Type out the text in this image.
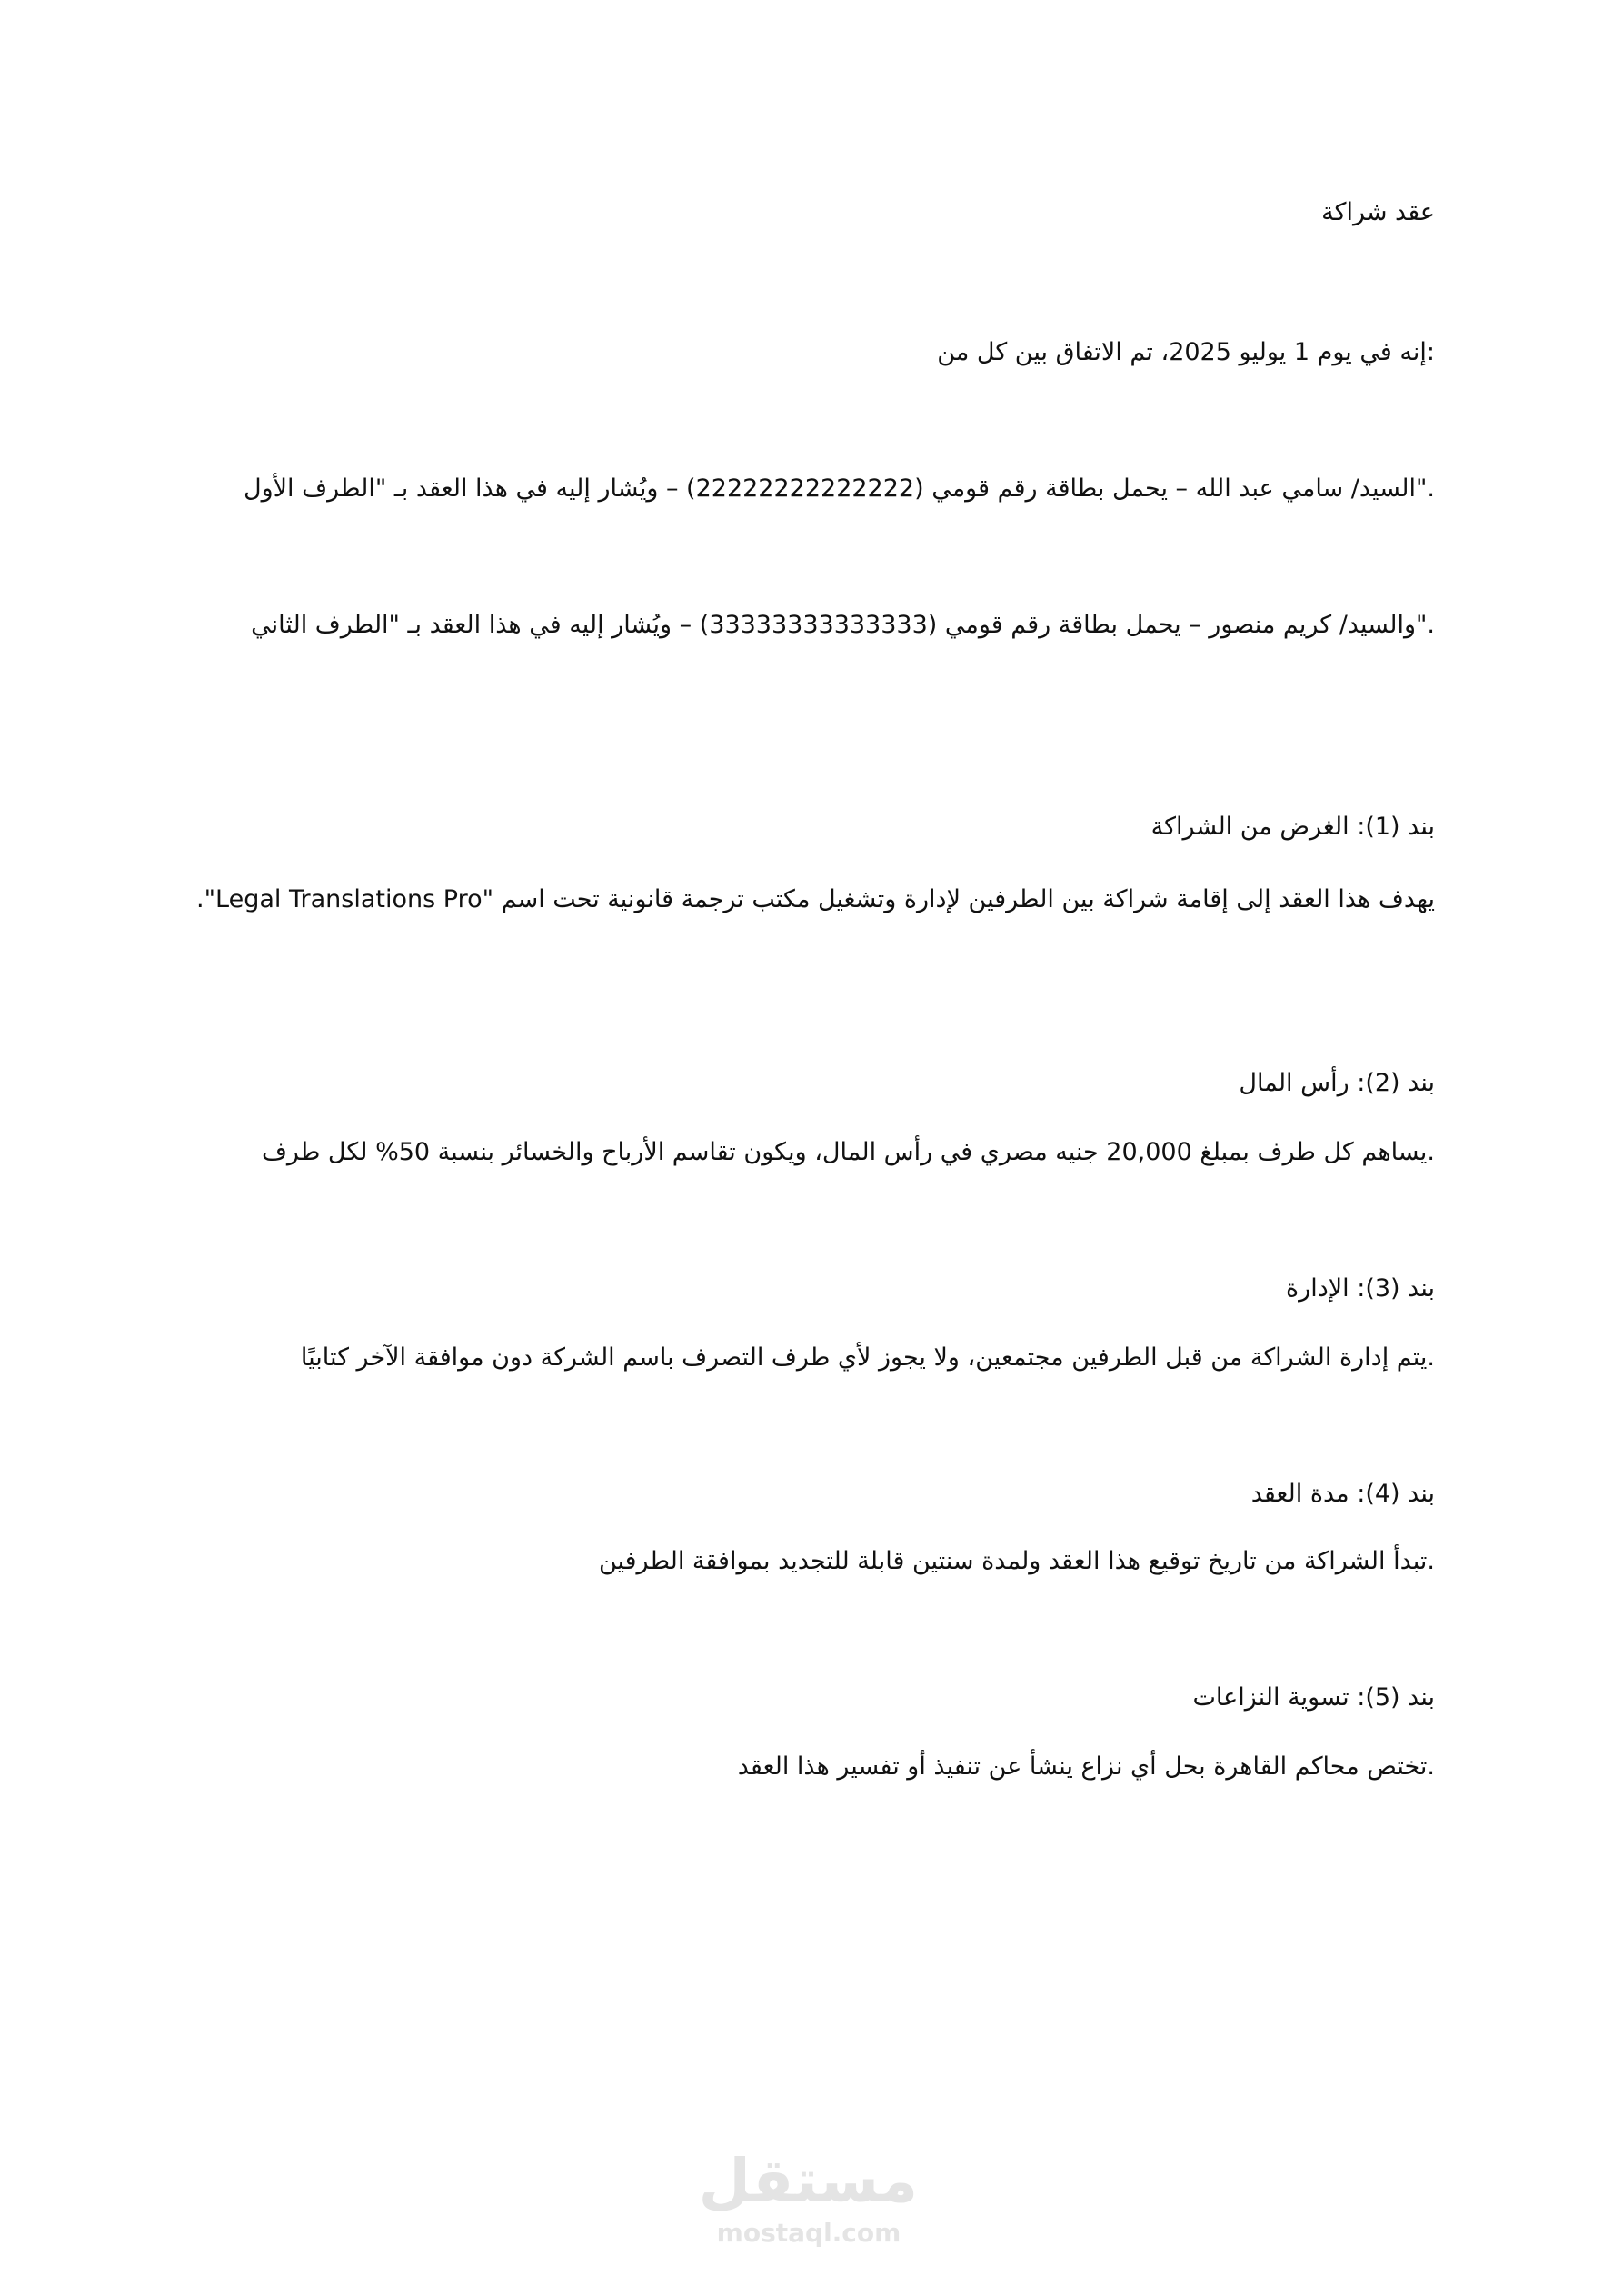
عقد شراكة
:إنه في يوم 1 يوليو 2025، تم الاتفاق بين كل من
."السيد/ سامي عبد الله – يحمل بطاقة رقم قومي (22222222222222) – ويُشار إليه في هذا العقد بـ "الطرف الأول
."والسيد/ كريم منصور – يحمل بطاقة رقم قومي (33333333333333) – ويُشار إليه في هذا العقد بـ "الطرف الثاني
بند (1): الغرض من الشراكة
يهدف هذا العقد إلى إقامة شراكة بين الطرفين لإدارة وتشغيل مكتب ترجمة قانونية تحت اسم "Legal Translations Pro".
بند (2): رأس المال
.يساهم كل طرف بمبلغ 20,000 جنيه مصري في رأس المال، ويكون تقاسم الأرباح والخسائر بنسبة 50% لكل طرف
بند (3): الإدارة
.يتم إدارة الشراكة من قبل الطرفين مجتمعين، ولا يجوز لأي طرف التصرف باسم الشركة دون موافقة الآخر كتابيًا
بند (4): مدة العقد
.تبدأ الشراكة من تاريخ توقيع هذا العقد ولمدة سنتين قابلة للتجديد بموافقة الطرفين
بند (5): تسوية النزاعات
.تختص محاكم القاهرة بحل أي نزاع ينشأ عن تنفيذ أو تفسير هذا العقد
مستقل
mostaql.com
